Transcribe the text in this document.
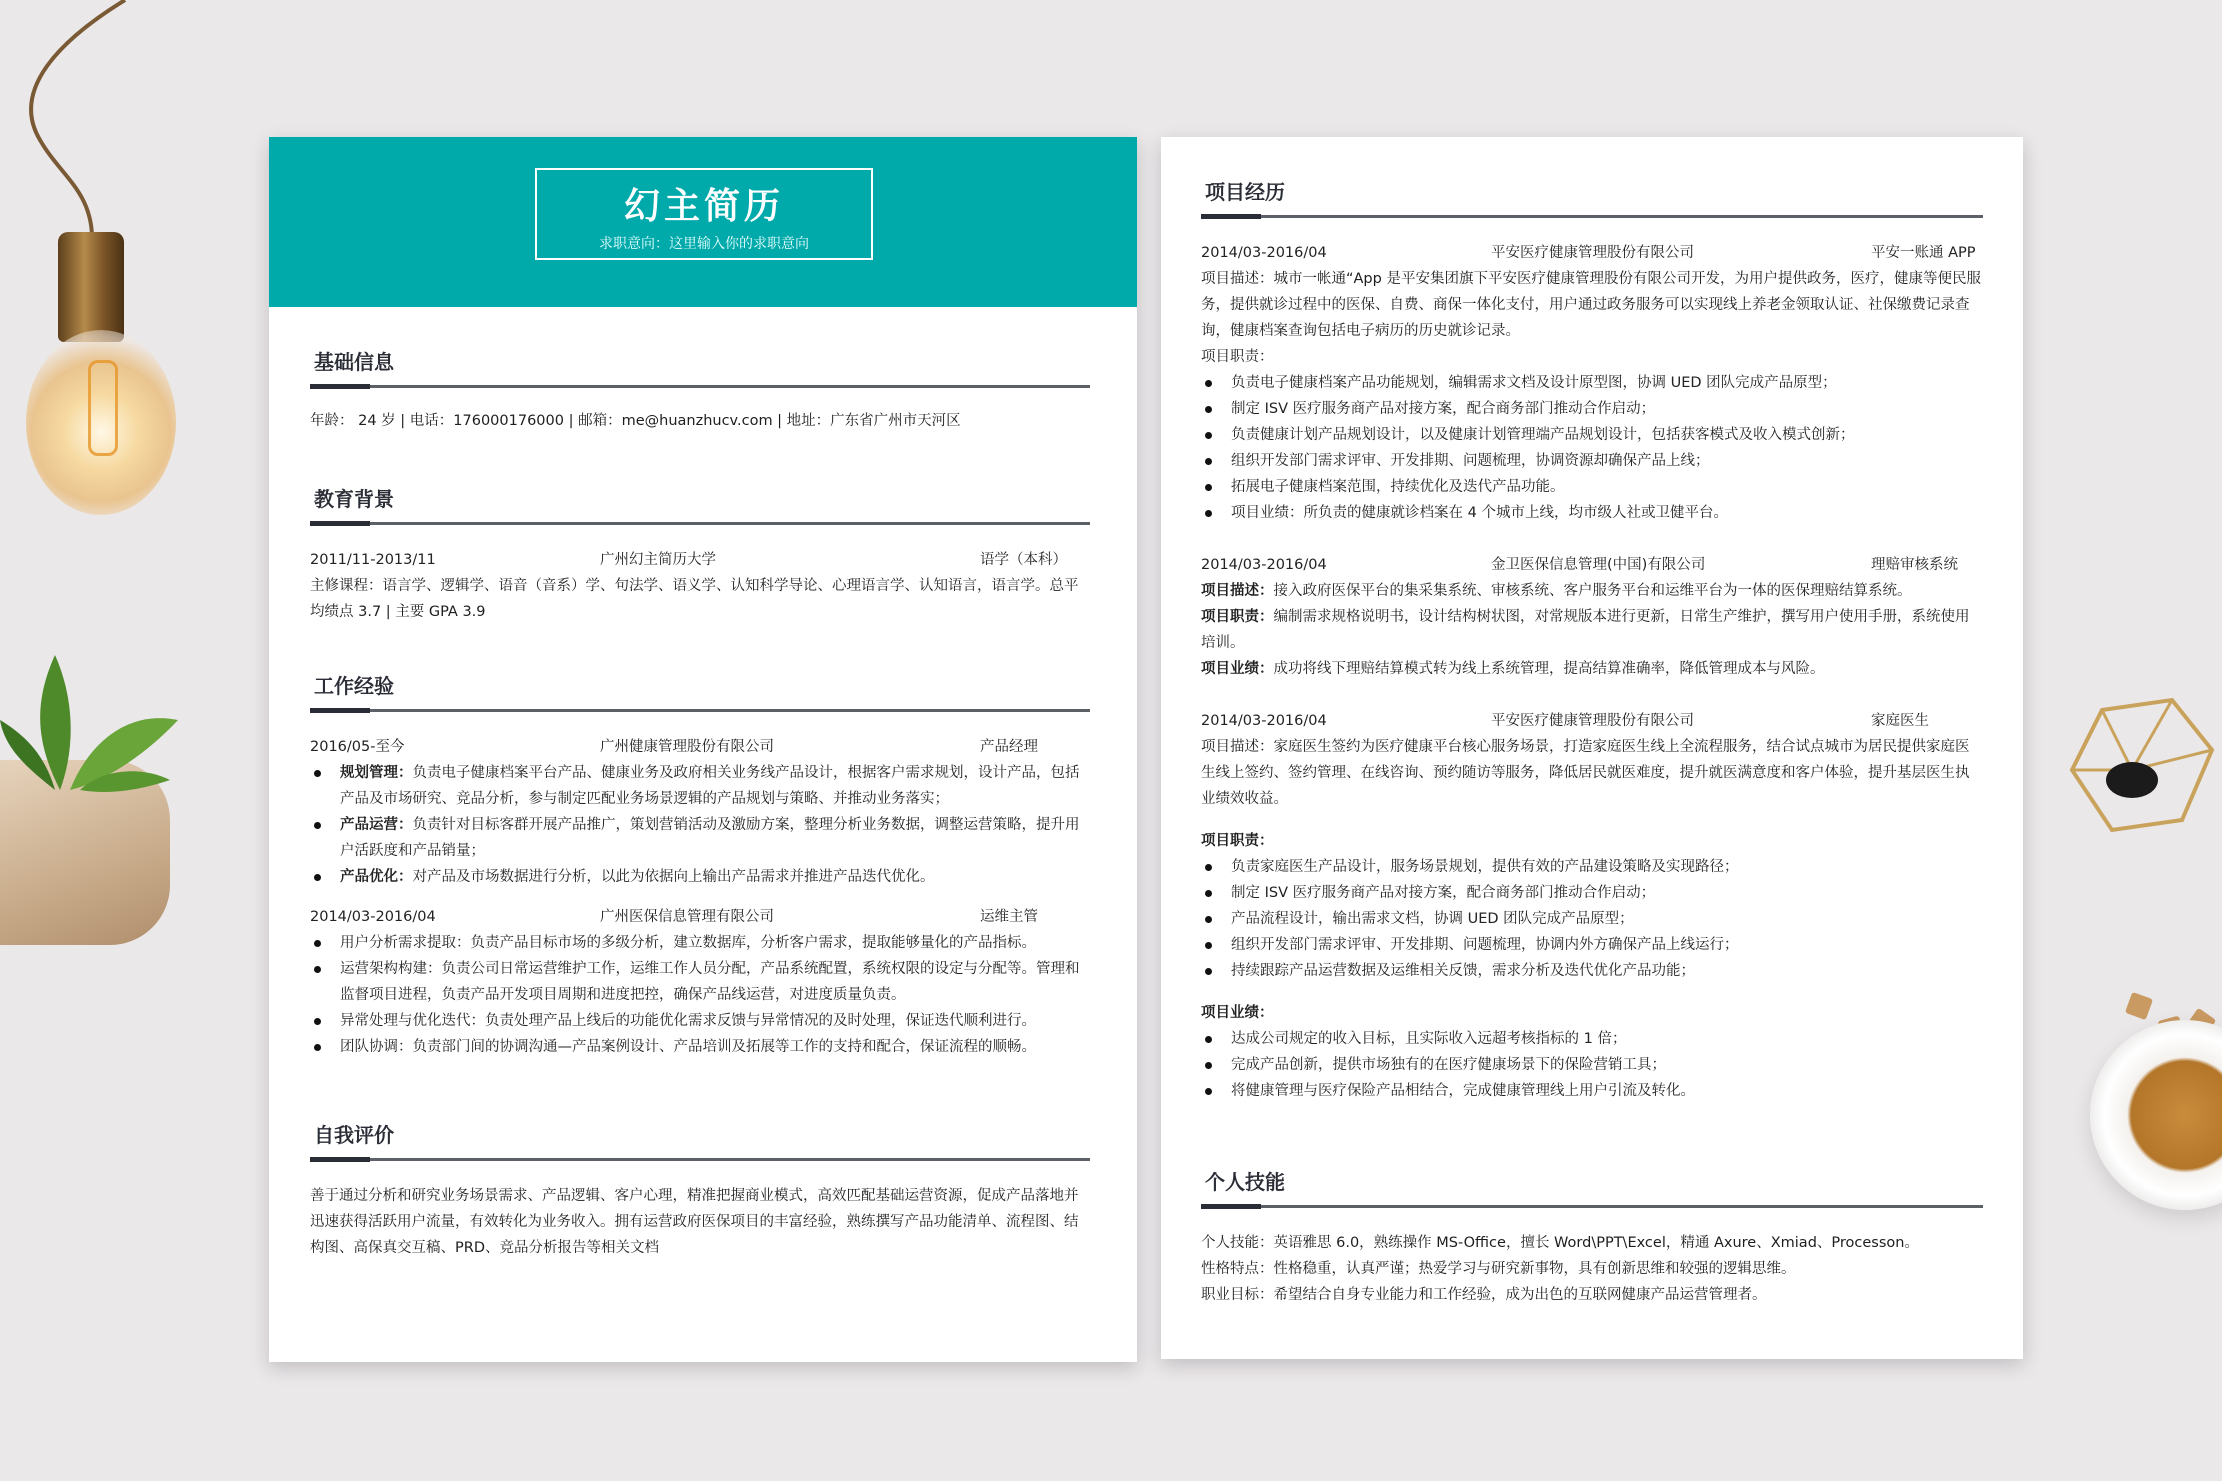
幻主简历
求职意向：这里输入你的求职意向
基础信息
年龄： 24 岁 | 电话：176000176000 | 邮箱：me@huanzhucv.com | 地址：广东省广州市天河区
教育背景
2011/11-2013/11	广州幻主简历大学	语学（本科）
主修课程：语言学、逻辑学、语音（音系）学、句法学、语义学、认知科学导论、心理语言学、认知语言，语言学。总平均绩点 3.7 | 主要 GPA 3.9
工作经验
2016/05-至今	广州健康管理股份有限公司	产品经理
规划管理：负责电子健康档案平台产品、健康业务及政府相关业务线产品设计，根据客户需求规划，设计产品，包括产品及市场研究、竞品分析，参与制定匹配业务场景逻辑的产品规划与策略、并推动业务落实；
产品运营：负责针对目标客群开展产品推广，策划营销活动及激励方案，整理分析业务数据，调整运营策略，提升用户活跃度和产品销量；
产品优化：对产品及市场数据进行分析，以此为依据向上输出产品需求并推进产品迭代优化。
2014/03-2016/04	广州医保信息管理有限公司	运维主管
用户分析需求提取：负责产品目标市场的多级分析，建立数据库，分析客户需求，提取能够量化的产品指标。
运营架构构建：负责公司日常运营维护工作，运维工作人员分配，产品系统配置，系统权限的设定与分配等。管理和监督项目进程，负责产品开发项目周期和进度把控，确保产品线运营，对进度质量负责。
异常处理与优化迭代：负责处理产品上线后的功能优化需求反馈与异常情况的及时处理，保证迭代顺利进行。
团队协调：负责部门间的协调沟通—产品案例设计、产品培训及拓展等工作的支持和配合，保证流程的顺畅。
自我评价
善于通过分析和研究业务场景需求、产品逻辑、客户心理，精准把握商业模式，高效匹配基础运营资源，促成产品落地并迅速获得活跃用户流量，有效转化为业务收入。拥有运营政府医保项目的丰富经验，熟练撰写产品功能清单、流程图、结构图、高保真交互稿、PRD、竞品分析报告等相关文档
项目经历
2014/03-2016/04	平安医疗健康管理股份有限公司	平安一账通 APP
项目描述：城市一帐通“App 是平安集团旗下平安医疗健康管理股份有限公司开发，为用户提供政务，医疗，健康等便民服务，提供就诊过程中的医保、自费、商保一体化支付，用户通过政务服务可以实现线上养老金领取认证、社保缴费记录查询，健康档案查询包括电子病历的历史就诊记录。
项目职责：
负责电子健康档案产品功能规划，编辑需求文档及设计原型图，协调 UED 团队完成产品原型；
制定 ISV 医疗服务商产品对接方案，配合商务部门推动合作启动；
负责健康计划产品规划设计，以及健康计划管理端产品规划设计，包括获客模式及收入模式创新；
组织开发部门需求评审、开发排期、问题梳理，协调资源却确保产品上线；
拓展电子健康档案范围，持续优化及迭代产品功能。
项目业绩：所负责的健康就诊档案在 4 个城市上线，均市级人社或卫健平台。
2014/03-2016/04	金卫医保信息管理(中国)有限公司	理赔审核系统
项目描述：接入政府医保平台的集采集系统、审核系统、客户服务平台和运维平台为一体的医保理赔结算系统。
项目职责：编制需求规格说明书，设计结构树状图，对常规版本进行更新，日常生产维护，撰写用户使用手册，系统使用培训。
项目业绩：成功将线下理赔结算模式转为线上系统管理，提高结算准确率，降低管理成本与风险。
2014/03-2016/04	平安医疗健康管理股份有限公司	家庭医生
项目描述：家庭医生签约为医疗健康平台核心服务场景，打造家庭医生线上全流程服务，结合试点城市为居民提供家庭医生线上签约、签约管理、在线咨询、预约随访等服务，降低居民就医难度，提升就医满意度和客户体验，提升基层医生执业绩效收益。
项目职责：
负责家庭医生产品设计，服务场景规划，提供有效的产品建设策略及实现路径；
制定 ISV 医疗服务商产品对接方案，配合商务部门推动合作启动；
产品流程设计，输出需求文档，协调 UED 团队完成产品原型；
组织开发部门需求评审、开发排期、问题梳理，协调内外方确保产品上线运行；
持续跟踪产品运营数据及运维相关反馈，需求分析及迭代优化产品功能；
项目业绩：
达成公司规定的收入目标，且实际收入远超考核指标的 1 倍；
完成产品创新，提供市场独有的在医疗健康场景下的保险营销工具；
将健康管理与医疗保险产品相结合，完成健康管理线上用户引流及转化。
个人技能
个人技能：英语雅思 6.0，熟练操作 MS-Office，擅长 Word\PPT\Excel，精通 Axure、Xmiad、Processon。
性格特点：性格稳重，认真严谨；热爱学习与研究新事物，具有创新思维和较强的逻辑思维。
职业目标：希望结合自身专业能力和工作经验，成为出色的互联网健康产品运营管理者。
